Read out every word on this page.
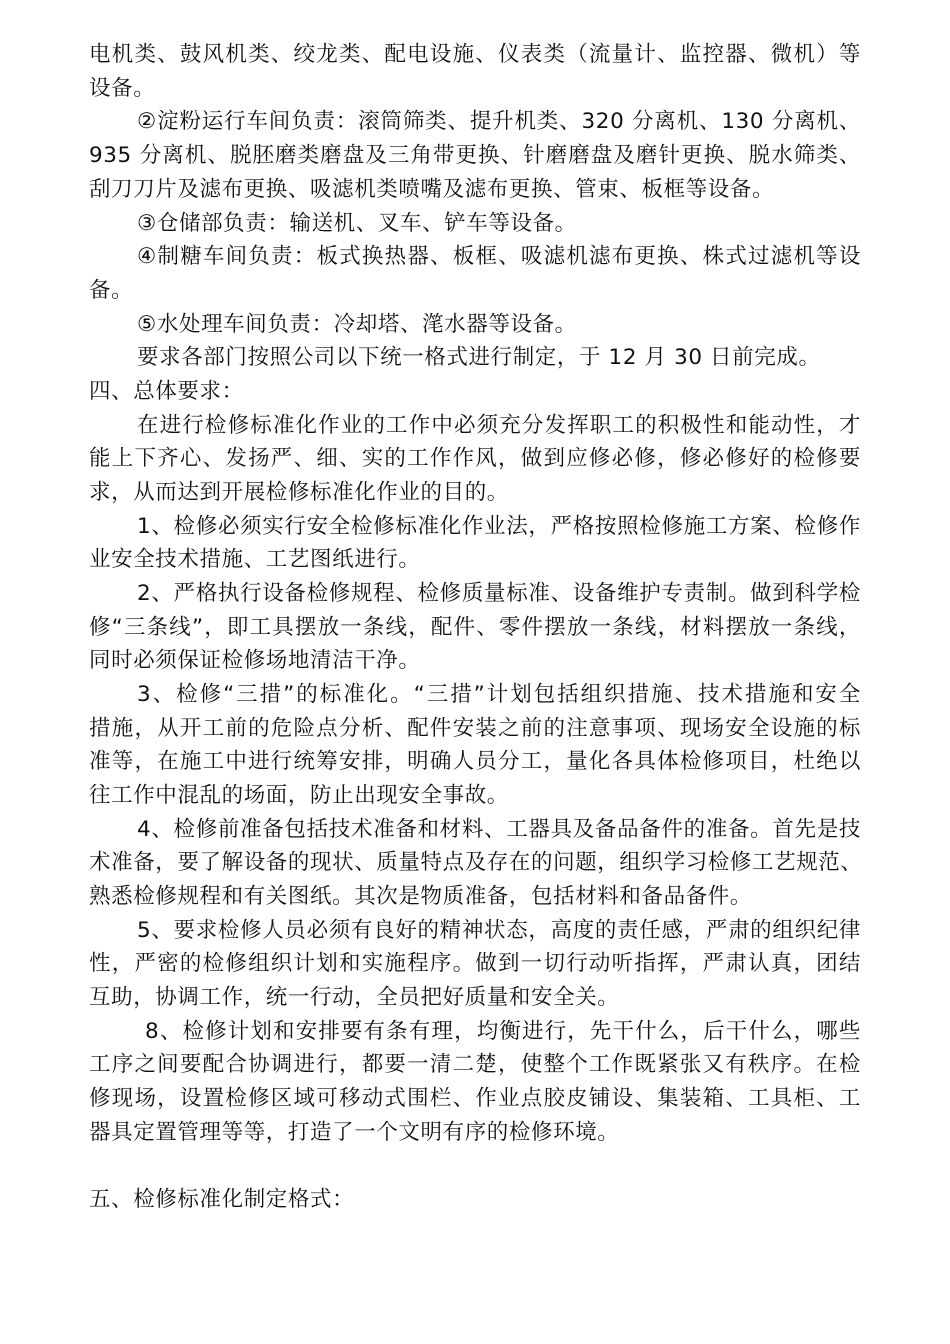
电机类、鼓风机类、绞龙类、配电设施、仪表类（流量计、监控器、微机）等
设备。
②淀粉运行车间负责：滚筒筛类、提升机类、320 分离机、130 分离机、
935 分离机、脱胚磨类磨盘及三角带更换、针磨磨盘及磨针更换、脱水筛类、
刮刀刀片及滤布更换、吸滤机类喷嘴及滤布更换、管束、板框等设备。
③仓储部负责：输送机、叉车、铲车等设备。
④制糖车间负责：板式换热器、板框、吸滤机滤布更换、株式过滤机等设
备。
⑤水处理车间负责：冷却塔、滗水器等设备。
要求各部门按照公司以下统一格式进行制定，于 12 月 30 日前完成。
四、总体要求：
在进行检修标准化作业的工作中必须充分发挥职工的积极性和能动性，才
能上下齐心、发扬严、细、实的工作作风，做到应修必修，修必修好的检修要
求，从而达到开展检修标准化作业的目的。
1、检修必须实行安全检修标准化作业法，严格按照检修施工方案、检修作
业安全技术措施、工艺图纸进行。
2、严格执行设备检修规程、检修质量标准、设备维护专责制。做到科学检
修“三条线”，即工具摆放一条线，配件、零件摆放一条线，材料摆放一条线，
同时必须保证检修场地清洁干净。
3、检修“三措”的标准化。“三措”计划包括组织措施、技术措施和安全
措施，从开工前的危险点分析、配件安装之前的注意事项、现场安全设施的标
准等，在施工中进行统筹安排，明确人员分工，量化各具体检修项目，杜绝以
往工作中混乱的场面，防止出现安全事故。
4、检修前准备包括技术准备和材料、工器具及备品备件的准备。首先是技
术准备，要了解设备的现状、质量特点及存在的问题，组织学习检修工艺规范、
熟悉检修规程和有关图纸。其次是物质准备，包括材料和备品备件。
5、要求检修人员必须有良好的精神状态，高度的责任感，严肃的组织纪律
性，严密的检修组织计划和实施程序。做到一切行动听指挥，严肃认真，团结
互助，协调工作，统一行动，全员把好质量和安全关。
8、检修计划和安排要有条有理，均衡进行，先干什么，后干什么，哪些
工序之间要配合协调进行，都要一清二楚，使整个工作既紧张又有秩序。在检
修现场，设置检修区域可移动式围栏、作业点胶皮铺设、集装箱、工具柜、工
器具定置管理等等，打造了一个文明有序的检修环境。
五、检修标准化制定格式：
